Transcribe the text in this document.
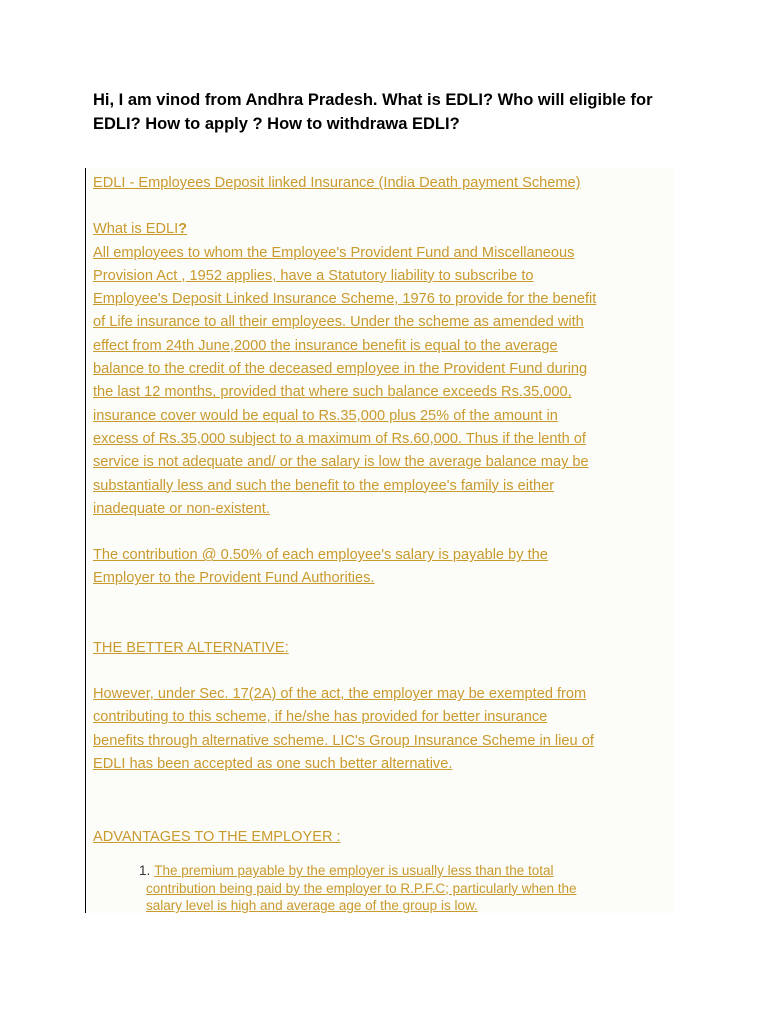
Hi, I am vinod from Andhra Pradesh. What is EDLI? Who will eligible for EDLI? How to apply ? How to withdrawa EDLI?

EDLI - Employees Deposit linked Insurance (India Death payment Scheme)

What is EDLI?

All employees to whom the Employee's Provident Fund and Miscellaneous
Provision Act , 1952 applies, have a Statutory liability to subscribe to
Employee's Deposit Linked Insurance Scheme, 1976 to provide for the benefit
of Life insurance to all their employees. Under the scheme as amended with
effect from 24th June,2000 the insurance benefit is equal to the average
balance to the credit of the deceased employee in the Provident Fund during
the last 12 months, provided that where such balance exceeds Rs.35,000,
insurance cover would be equal to Rs.35,000 plus 25% of the amount in
excess of Rs.35,000 subject to a maximum of Rs.60,000. Thus if the lenth of
service is not adequate and/ or the salary is low the average balance may be
substantially less and such the benefit to the employee's family is either
inadequate or non-existent.

The contribution @ 0.50% of each employee's salary is payable by the
Employer to the Provident Fund Authorities.

THE BETTER ALTERNATIVE:

However, under Sec. 17(2A) of the act, the employer may be exempted from
contributing to this scheme, if he/she has provided for better insurance
benefits through alternative scheme. LIC's Group Insurance Scheme in lieu of
EDLI has been accepted as one such better alternative.

ADVANTAGES TO THE EMPLOYER :

1. The premium payable by the employer is usually less than the total
contribution being paid by the employer to R.P.F.C; particularly when the
salary level is high and average age of the group is low.
